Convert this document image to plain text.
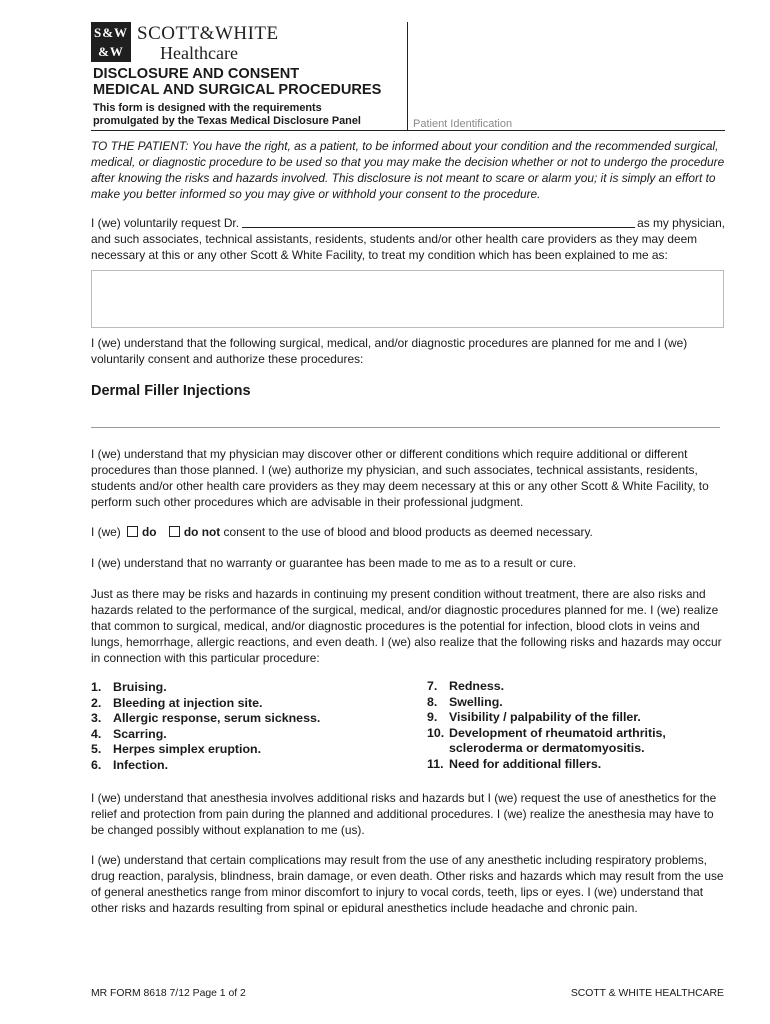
S&W
&W
SCOTT&WHITE
Healthcare
DISCLOSURE AND CONSENT
MEDICAL AND SURGICAL PROCEDURES
This form is designed with the requirements
promulgated by the Texas Medical Disclosure Panel	Patient Identification
TO THE PATIENT: You have the right, as a patient, to be informed about your condition and the recommended surgical, medical, or diagnostic procedure to be used so that you may make the decision whether or not to undergo the procedure after knowing the risks and hazards involved. This disclosure is not meant to scare or alarm you; it is simply an effort to make you better informed so you may give or withhold your consent to the procedure.
I (we) voluntarily request Dr.	as my physician,
and such associates, technical assistants, residents, students and/or other health care providers as they may deem necessary at this or any other Scott & White Facility, to treat my condition which has been explained to me as:
I (we) understand that the following surgical, medical, and/or diagnostic procedures are planned for me and I (we) voluntarily consent and authorize these procedures:
Dermal Filler Injections
I (we) understand that my physician may discover other or different conditions which require additional or different procedures than those planned. I (we) authorize my physician, and such associates, technical assistants, residents, students and/or other health care providers as they may deem necessary at this or any other Scott & White Facility, to perform such other procedures which are advisable in their professional judgment.
I (we) do do not consent to the use of blood and blood products as deemed necessary.
I (we) understand that no warranty or guarantee has been made to me as to a result or cure.
Just as there may be risks and hazards in continuing my present condition without treatment, there are also risks and hazards related to the performance of the surgical, medical, and/or diagnostic procedures planned for me. I (we) realize that common to surgical, medical, and/or diagnostic procedures is the potential for infection, blood clots in veins and lungs, hemorrhage, allergic reactions, and even death. I (we) also realize that the following risks and hazards may occur in connection with this particular procedure:
1. Bruising.
2. Bleeding at injection site.
3. Allergic response, serum sickness.
4. Scarring.
5. Herpes simplex eruption.
6. Infection.
7. Redness.
8. Swelling.
9. Visibility / palpability of the filler.
10. Development of rheumatoid arthritis, scleroderma or dermatomyositis.
11. Need for additional fillers.
I (we) understand that anesthesia involves additional risks and hazards but I (we) request the use of anesthetics for the relief and protection from pain during the planned and additional procedures. I (we) realize the anesthesia may have to be changed possibly without explanation to me (us).
I (we) understand that certain complications may result from the use of any anesthetic including respiratory problems, drug reaction, paralysis, blindness, brain damage, or even death. Other risks and hazards which may result from the use of general anesthetics range from minor discomfort to injury to vocal cords, teeth, lips or eyes. I (we) understand that other risks and hazards resulting from spinal or epidural anesthetics include headache and chronic pain.
MR FORM 8618 7/12 Page 1 of 2	SCOTT & WHITE HEALTHCARE
